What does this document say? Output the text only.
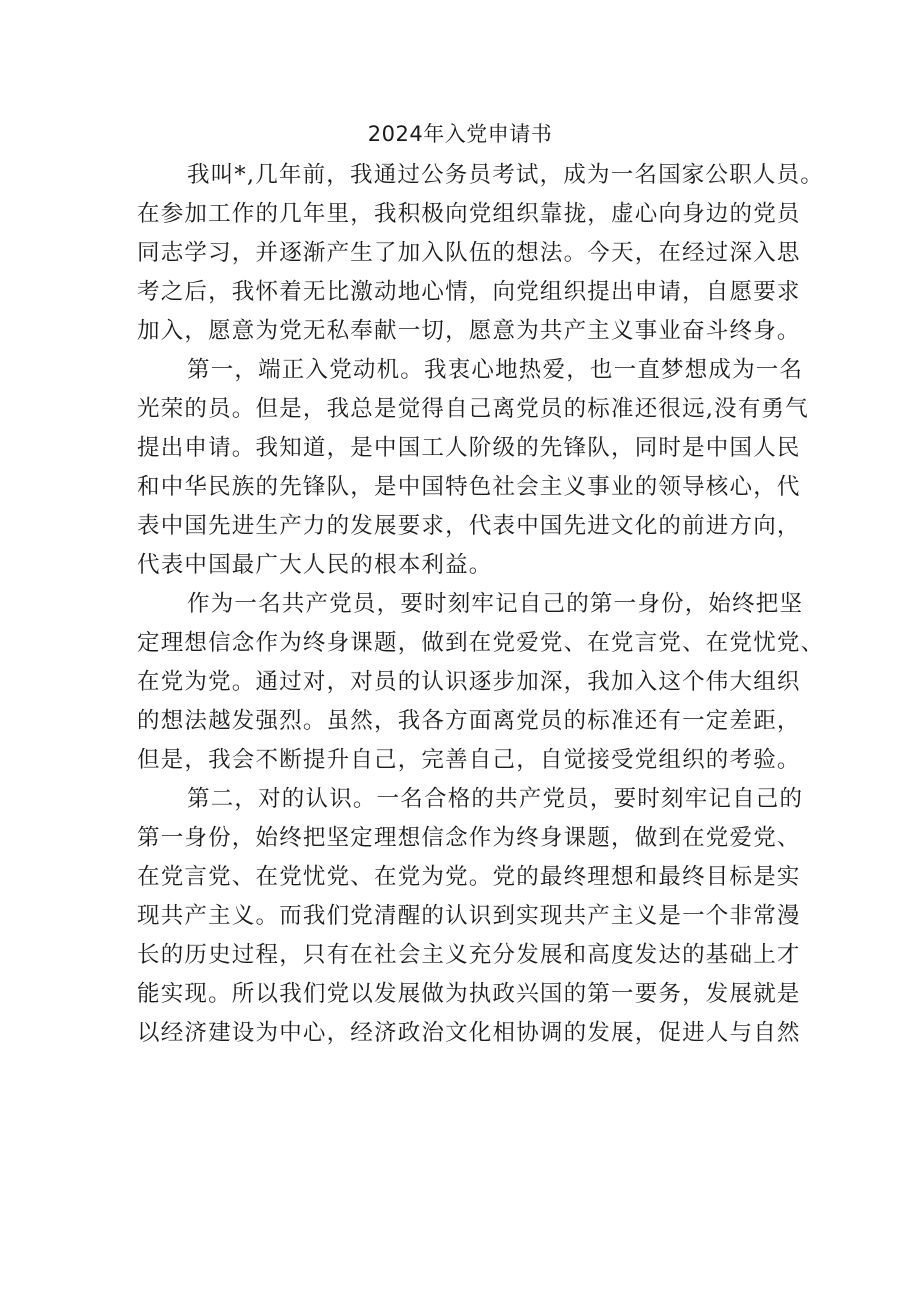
2024年入党申请书
我叫*,几年前，我通过公务员考试，成为一名国家公职人员。
在参加工作的几年里，我积极向党组织靠拢，虚心向身边的党员
同志学习，并逐渐产生了加入队伍的想法。今天，在经过深入思
考之后，我怀着无比激动地心情，向党组织提出申请，自愿要求
加入，愿意为党无私奉献一切，愿意为共产主义事业奋斗终身。
第一，端正入党动机。我衷心地热爱，也一直梦想成为一名
光荣的员。但是，我总是觉得自己离党员的标准还很远,没有勇气
提出申请。我知道，是中国工人阶级的先锋队，同时是中国人民
和中华民族的先锋队，是中国特色社会主义事业的领导核心，代
表中国先进生产力的发展要求，代表中国先进文化的前进方向，
代表中国最广大人民的根本利益。
作为一名共产党员，要时刻牢记自己的第一身份，始终把坚
定理想信念作为终身课题，做到在党爱党、在党言党、在党忧党、
在党为党。通过对，对员的认识逐步加深，我加入这个伟大组织
的想法越发强烈。虽然，我各方面离党员的标准还有一定差距，
但是，我会不断提升自己，完善自己，自觉接受党组织的考验。
第二，对的认识。一名合格的共产党员，要时刻牢记自己的
第一身份，始终把坚定理想信念作为终身课题，做到在党爱党、
在党言党、在党忧党、在党为党。党的最终理想和最终目标是实
现共产主义。而我们党清醒的认识到实现共产主义是一个非常漫
长的历史过程，只有在社会主义充分发展和高度发达的基础上才
能实现。所以我们党以发展做为执政兴国的第一要务，发展就是
以经济建设为中心，经济政治文化相协调的发展，促进人与自然
